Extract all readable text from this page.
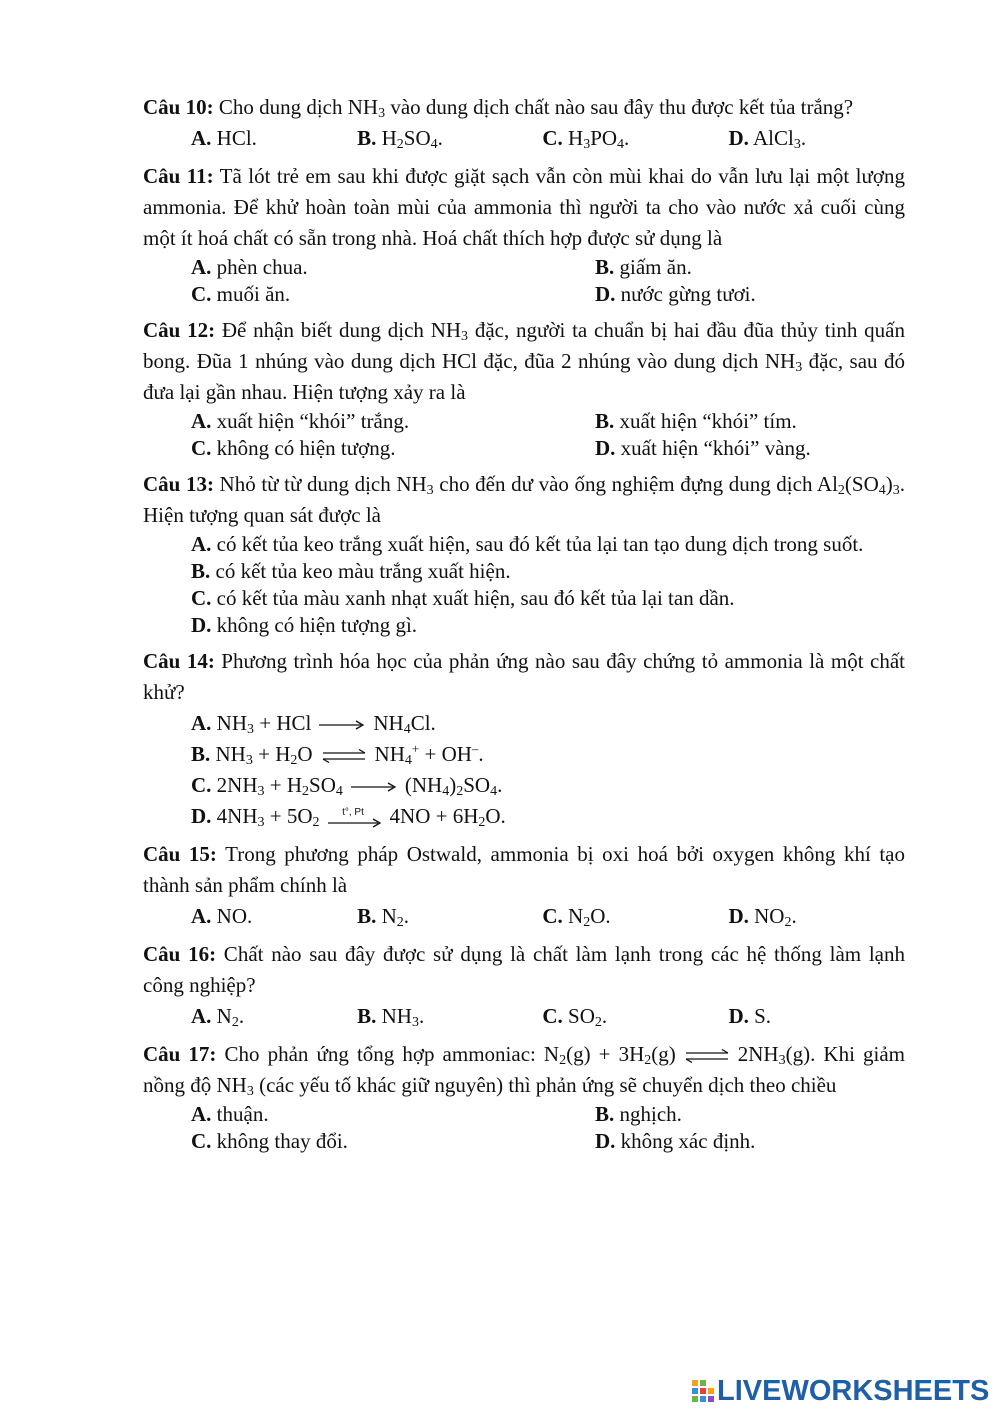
Câu 10: Cho dung dịch $NH_3$ vào dung dịch chất nào sau đây thu được kết tủa trắng?

A. HCl.	B. $H_2SO_4$.	C. $H_3PO_4$.	D. AlCl$_3$.

Câu 11: Tã lót trẻ em sau khi được giặt sạch vẫn còn mùi khai do vẫn lưu lại một lượng ammonia. Để khử hoàn toàn mùi của ammonia thì người ta cho vào nước xả cuối cùng một ít hoá chất có sẵn trong nhà. Hoá chất thích hợp được sử dụng là

A. phèn chua.	B. giấm ăn.
C. muối ăn.	D. nước gừng tươi.

Câu 12: Để nhận biết dung dịch $NH_3$ đặc, người ta chuẩn bị hai đầu đũa thủy tinh quấn bong. Đũa 1 nhúng vào dung dịch HCl đặc, đũa 2 nhúng vào dung dịch $NH_3$ đặc, sau đó đưa lại gần nhau. Hiện tượng xảy ra là

A. xuất hiện “khói” trắng.	B. xuất hiện “khói” tím.
C. không có hiện tượng.	D. xuất hiện “khói” vàng.

Câu 13: Nhỏ từ từ dung dịch $NH_3$ cho đến dư vào ống nghiệm đựng dung dịch $Al_2(SO_4)_3$. Hiện tượng quan sát được là

A. có kết tủa keo trắng xuất hiện, sau đó kết tủa lại tan tạo dung dịch trong suốt.
B. có kết tủa keo màu trắng xuất hiện.
C. có kết tủa màu xanh nhạt xuất hiện, sau đó kết tủa lại tan dần.
D. không có hiện tượng gì.

Câu 14: Phương trình hóa học của phản ứng nào sau đây chứng tỏ ammonia là một chất khử?

A. $NH_3$ + HCl	$NH_4Cl$.
B. $NH_3 + H_2O$ ⇌ $NH_4^+ + OH^-$.
C. $2NH_3 + H_2SO_4$	$(NH_4)_2SO_4$.
D. $4NH_3 + 5O_2$
t°, Pt $4NO + 6H_2O$.

Câu 15: Trong phương pháp Ostwald, ammonia bị oxi hoá bởi oxygen không khí tạo thành sản phẩm chính là

A. NO.	B. $N_2$.	C. $N_2O$.	D. $NO_2$.

Câu 16: Chất nào sau đây được sử dụng là chất làm lạnh trong các hệ thống làm lạnh công nghiệp?

A. $N_2$.	B. $NH_3$.	C. $SO_2$.	D. S.

Câu 17: Cho phản ứng tổng hợp ammoniac: $N_2(g) + 3H_2(g)$ ⇌ $2NH_3(g)$. Khi giảm nồng độ $NH_3$ (các yếu tố khác giữ nguyên) thì phản ứng sẽ chuyển dịch theo chiều

A. thuận.	B. nghịch.
C. không thay đổi.	D. không xác định.
LIVEWORKSHEETS
